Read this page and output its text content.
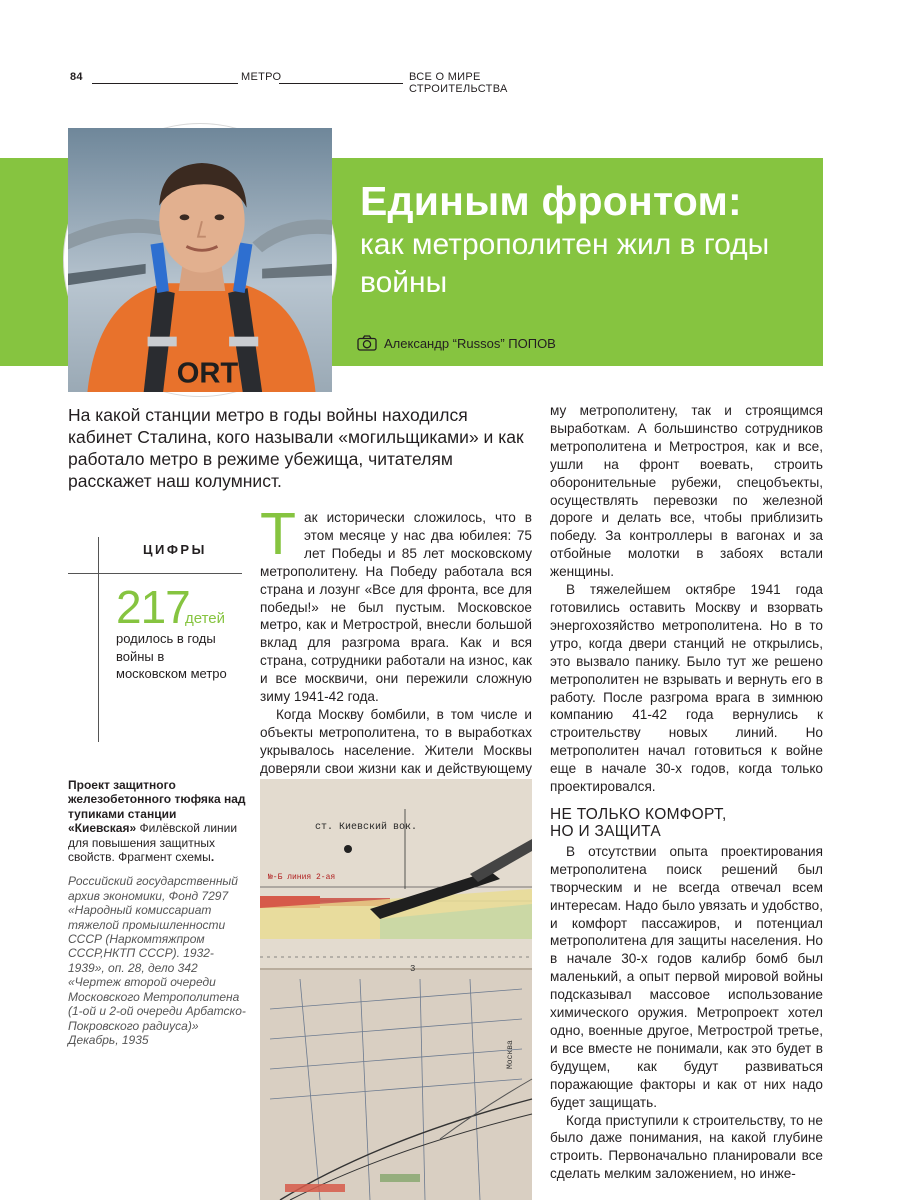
84	МЕТРО	ВСЕ О МИРЕ СТРОИТЕЛЬСТВА
Единым фронтом:
как метрополитен жил в годы войны
Александр “Russos” ПОПОВ
ORT
На какой станции метро в годы войны находился кабинет Сталина, кого называли «могильщиками» и как работало метро в режиме убежища, читателям расскажет наш колумнист.
ЦИФРЫ
217
детей
родилось в годы войны в московском метро
Проект защитного железобетонного тюфяка над тупиками станции «Киевская» Филёвской линии для повышения защитных свойств. Фрагмент схемы.
Российский государственный архив экономики, Фонд 7297 «Народный комиссариат тяжелой промышленности СССР (Наркомтяжпром СССР,НКТП СССР). 1932-1939», оп. 28, дело 342 «Чертеж второй очереди Московского Метрополитена (1-ой и 2-ой очереди Арбатско-Покровского радиуса)» Декабрь, 1935

Так исторически сложилось, что в этом месяце у нас два юбилея: 75 лет Победы и 85 лет московскому метрополитену. На Победу работала вся страна и лозунг «Все для фронта, все для победы!» не был пустым. Московское метро, как и Метрострой, внесли большой вклад для разгрома врага. Как и вся страна, сотрудники работали на износ, как и все москвичи, они пережили сложную зиму 1941-42 года.

Когда Москву бомбили, в том числе и объекты метрополитена, то в выработках укрывалось население. Жители Москвы доверяли свои жизни как и действующему

ст. Киевский вок.
№-Б линия 2-ая
3
Москва

му метрополитену, так и строящимся выработкам. А большинство сотрудников метрополитена и Метростроя, как и все, ушли на фронт воевать, строить оборонительные рубежи, спецобъекты, осуществлять перевозки по железной дороге и делать все, чтобы приблизить победу. За контроллеры в вагонах и за отбойные молотки в забоях встали женщины.

В тяжелейшем октябре 1941 года готовились оставить Москву и взорвать энергохозяйство метрополитена. Но в то утро, когда двери станций не открылись, это вызвало панику. Было тут же решено метрополитен не взрывать и вернуть его в работу. После разгрома врага в зимнюю компанию 41-42 года вернулись к строительству новых линий. Но метрополитен начал готовиться к войне еще в начале 30-х годов, когда только проектировался.

НЕ ТОЛЬКО КОМФОРТ,
НО И ЗАЩИТА

В отсутствии опыта проектирования метрополитена поиск решений был творческим и не всегда отвечал всем интересам. Надо было увязать и удобство, и комфорт пассажиров, и потенциал метрополитена для защиты населения. Но в начале 30-х годов калибр бомб был маленький, а опыт первой мировой войны подсказывал массовое использование химического оружия. Метропроект хотел одно, военные другое, Метрострой третье, и все вместе не понимали, как это будет в будущем, как будут развиваться поражающие факторы и как от них надо будет защищать.

Когда приступили к строительству, то не было даже понимания, на какой глубине строить. Первоначально планировали все сделать мелким заложением, но инже-
